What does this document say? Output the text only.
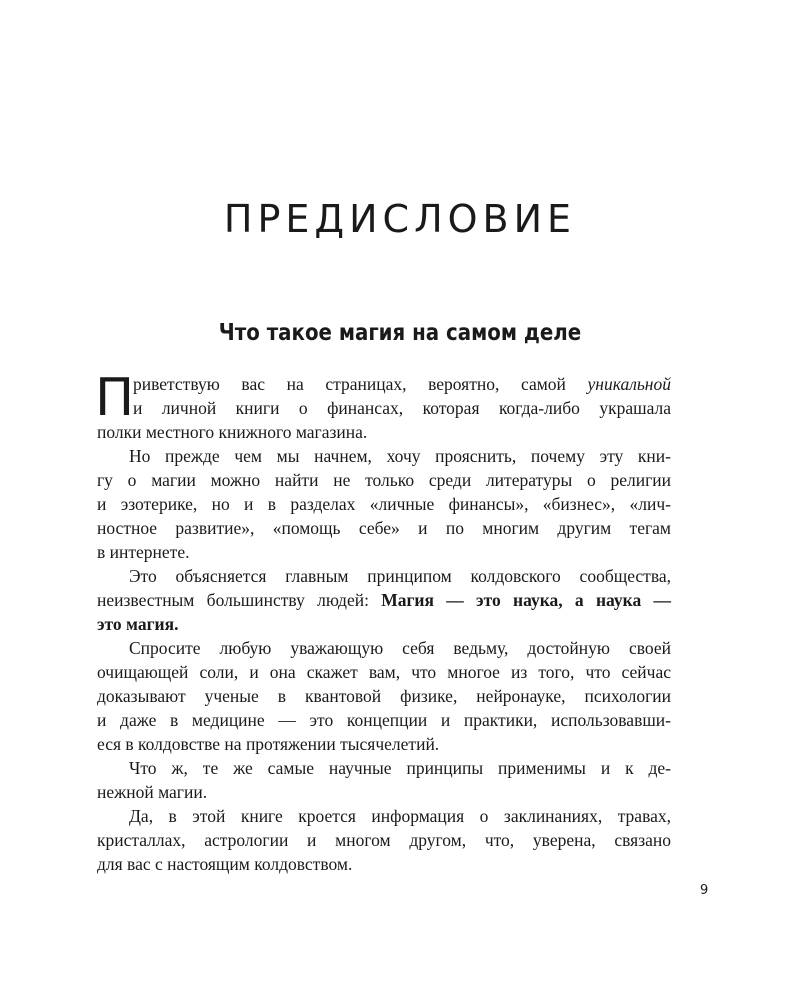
ПРЕДИСЛОВИЕ
Что такое магия на самом деле
П
риветствую вас на страницах, вероятно, самой уникальной
и личной книги о финансах, которая когда-либо украшала
полки местного книжного магазина.
Но прежде чем мы начнем, хочу прояснить, почему эту кни-
гу о магии можно найти не только среди литературы о религии
и эзотерике, но и в разделах «личные финансы», «бизнес», «лич-
ностное развитие», «помощь себе» и по многим другим тегам
в интернете.
Это объясняется главным принципом колдовского сообщества,
неизвестным большинству людей: Магия — это наука, а наука —
это магия.
Спросите любую уважающую себя ведьму, достойную своей
очищающей соли, и она скажет вам, что многое из того, что сейчас
доказывают ученые в квантовой физике, нейронауке, психологии
и даже в медицине — это концепции и практики, использовавши-
еся в колдовстве на протяжении тысячелетий.
Что ж, те же самые научные принципы применимы и к де-
нежной магии.
Да, в этой книге кроется информация о заклинаниях, травах,
кристаллах, астрологии и многом другом, что, уверена, связано
для вас с настоящим колдовством.
9
